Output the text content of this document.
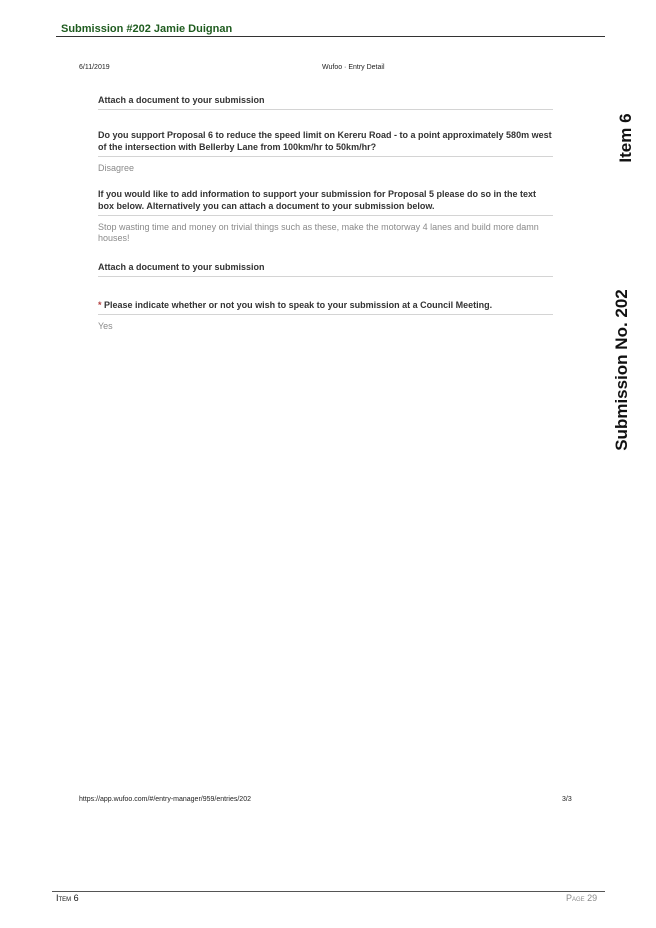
Submission #202 Jamie Duignan
6/11/2019	Wufoo · Entry Detail
Attach a document to your submission
Do you support Proposal 6 to reduce the speed limit on Kereru Road - to a point approximately 580m west of the intersection with Bellerby Lane from 100km/hr to 50km/hr?
Disagree
If you would like to add information to support your submission for Proposal 5 please do so in the text box below. Alternatively you can attach a document to your submission below.
Stop wasting time and money on trivial things such as these, make the motorway 4 lanes and build more damn houses!
Attach a document to your submission
* Please indicate whether or not you wish to speak to your submission at a Council Meeting.
Yes
Item 6
Submission No. 202
https://app.wufoo.com/#/entry-manager/959/entries/202	3/3
Item 6	Page 29
